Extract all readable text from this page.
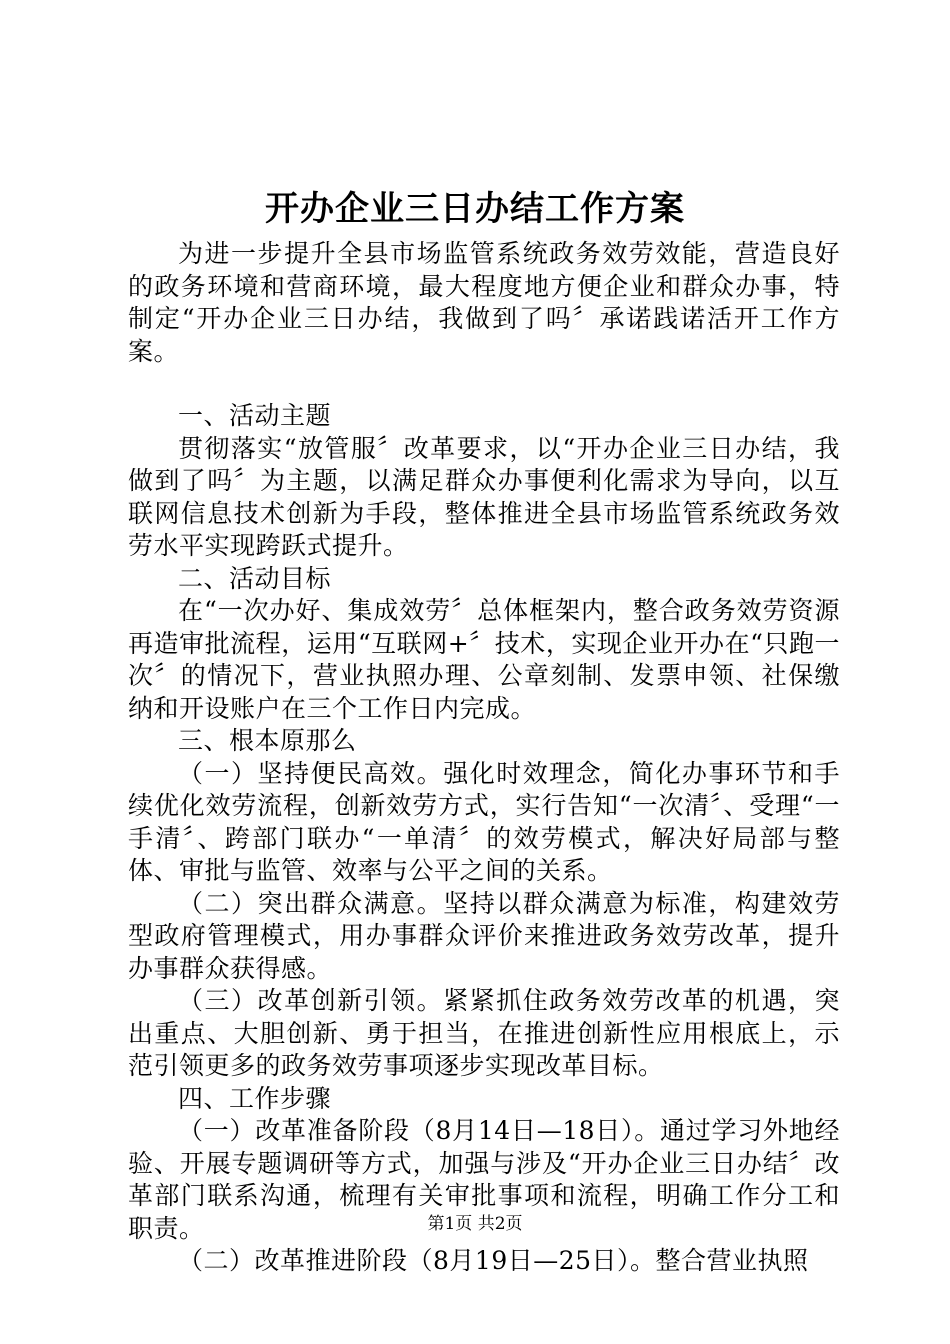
开办企业三日办结工作方案

为进一步提升全县市场监管系统政务效劳效能，营造良好的政务环境和营商环境，最大程度地方便企业和群众办事，特制定“开办企业三日办结，我做到了吗〞承诺践诺活开工作方案。

一、活动主题

贯彻落实“放管服〞改革要求，以“开办企业三日办结，我做到了吗〞为主题，以满足群众办事便利化需求为导向，以互联网信息技术创新为手段，整体推进全县市场监管系统政务效劳水平实现跨跃式提升。

二、活动目标

在“一次办好、集成效劳〞总体框架内，整合政务效劳资源再造审批流程，运用“互联网+〞技术，实现企业开办在“只跑一次〞的情况下，营业执照办理、公章刻制、发票申领、社保缴纳和开设账户在三个工作日内完成。

三、根本原那么

（一）坚持便民高效。强化时效理念，简化办事环节和手续优化效劳流程，创新效劳方式，实行告知“一次清〞、受理“一手清〞、跨部门联办“一单清〞的效劳模式，解决好局部与整体、审批与监管、效率与公平之间的关系。

（二）突出群众满意。坚持以群众满意为标准，构建效劳型政府管理模式，用办事群众评价来推进政务效劳改革，提升办事群众获得感。

（三）改革创新引领。紧紧抓住政务效劳改革的机遇，突出重点、大胆创新、勇于担当，在推进创新性应用根底上，示范引领更多的政务效劳事项逐步实现改革目标。

四、工作步骤

（一）改革准备阶段（8月14日—18日）。通过学习外地经验、开展专题调研等方式，加强与涉及“开办企业三日办结〞改革部门联系沟通，梳理有关审批事项和流程，明确工作分工和职责。

（二）改革推进阶段（8月19日—25日）。整合营业执照

第1页 共2页
